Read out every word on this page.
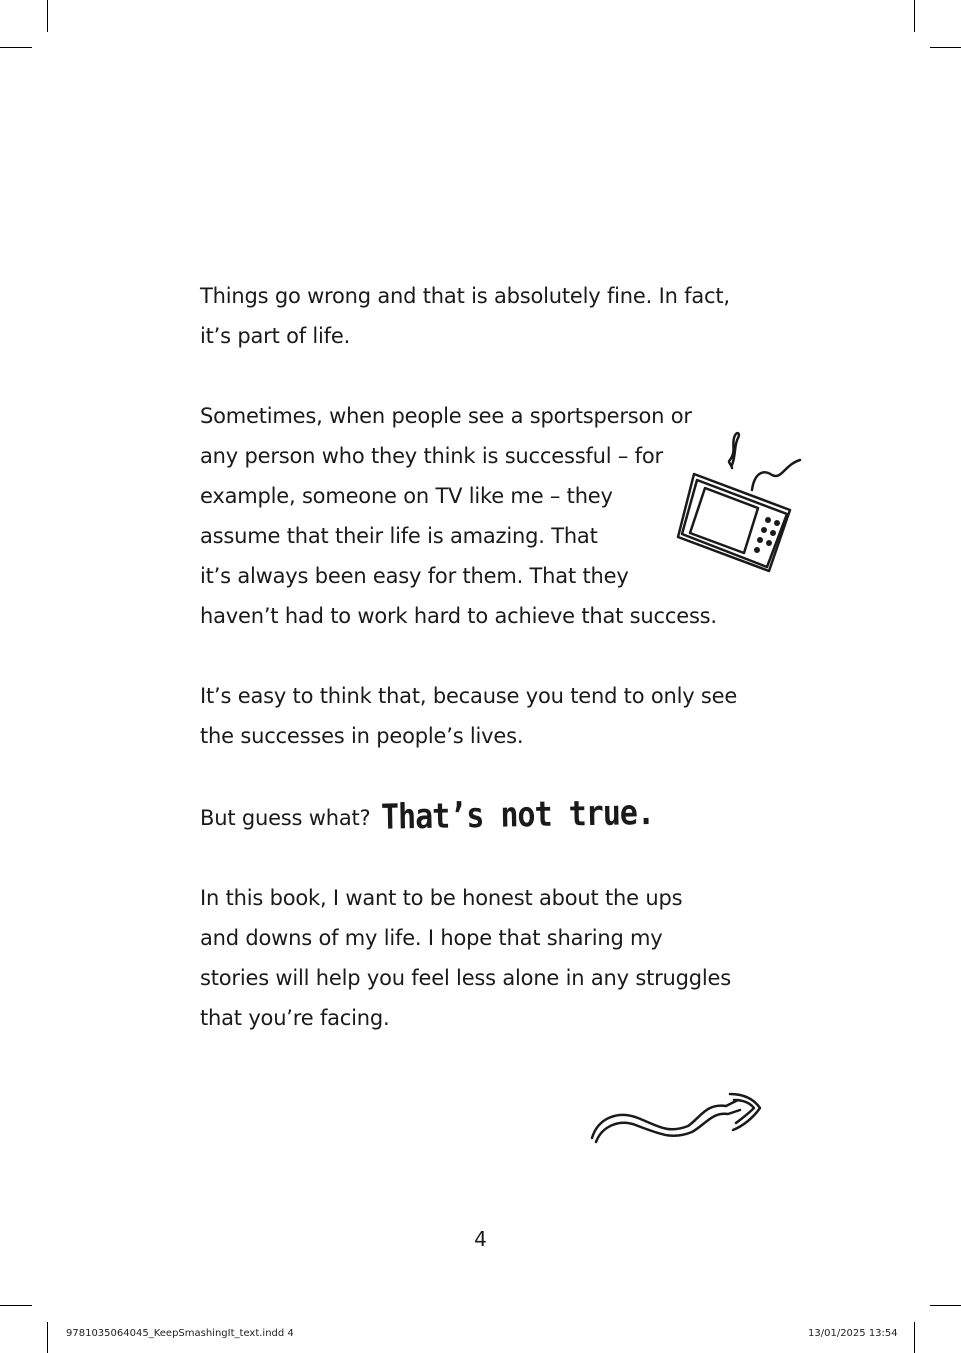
Things go wrong and that is absolutely fine. In fact,
it’s part of life.
Sometimes, when people see a sportsperson or
any person who they think is successful – for
example, someone on TV like me – they
assume that their life is amazing. That
it’s always been easy for them. That they
haven’t had to work hard to achieve that success.
It’s easy to think that, because you tend to only see
the successes in people’s lives.
But guess what? That’s not true.
In this book, I want to be honest about the ups
and downs of my life. I hope that sharing my
stories will help you feel less alone in any struggles
that you’re facing.
4
9781035064045_KeepSmashingIt_text.indd 4	13/01/2025 13:54
